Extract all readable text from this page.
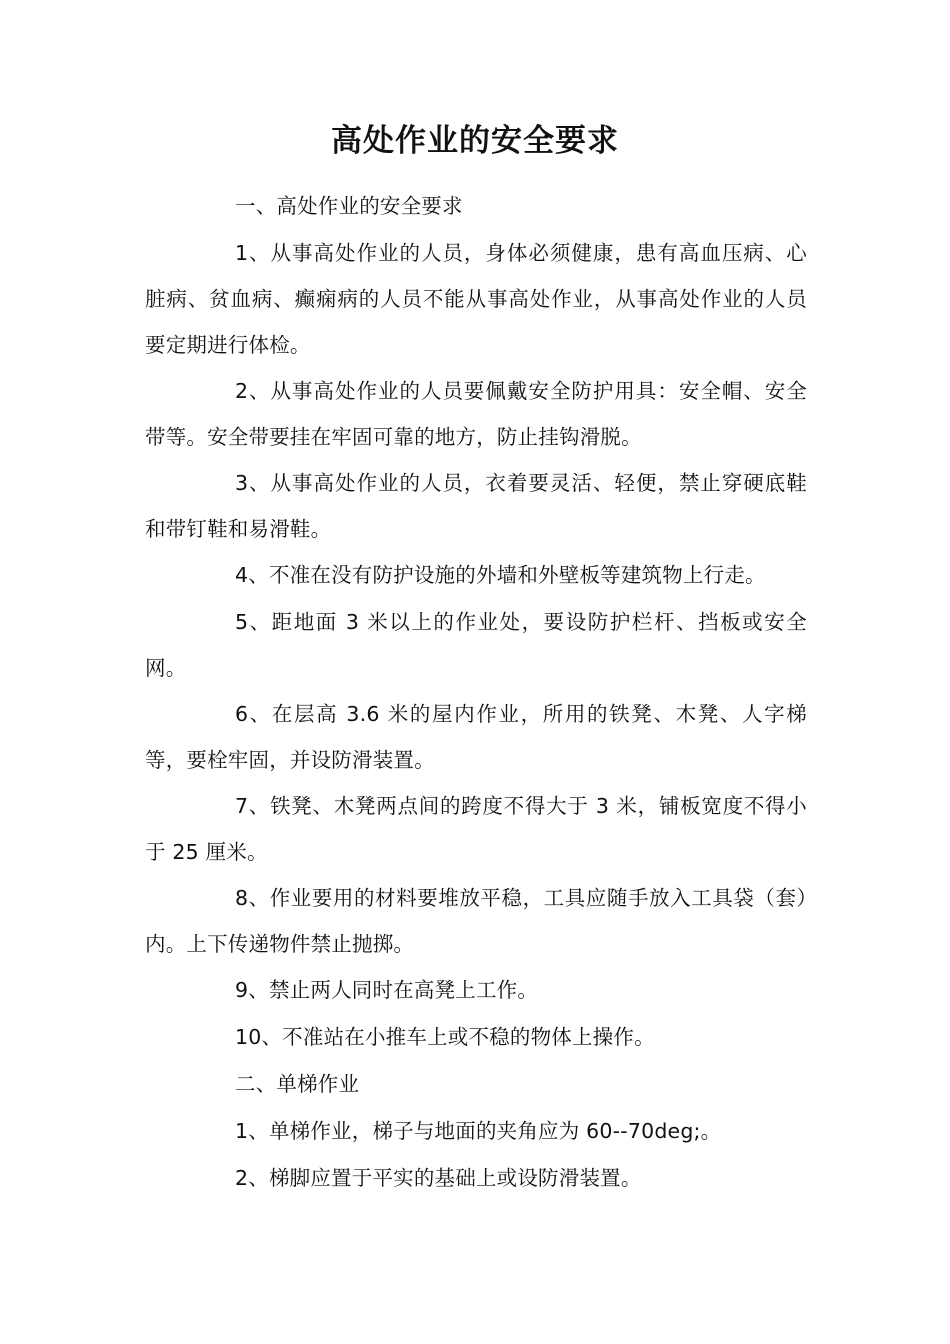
高处作业的安全要求

一、高处作业的安全要求

1、从事高处作业的人员，身体必须健康，患有高血压病、心脏病、贫血病、癫痫病的人员不能从事高处作业，从事高处作业的人员要定期进行体检。

2、从事高处作业的人员要佩戴安全防护用具：安全帽、安全带等。安全带要挂在牢固可靠的地方，防止挂钩滑脱。

3、从事高处作业的人员，衣着要灵活、轻便，禁止穿硬底鞋和带钉鞋和易滑鞋。

4、不准在没有防护设施的外墙和外壁板等建筑物上行走。

5、距地面 3 米以上的作业处，要设防护栏杆、挡板或安全网。

6、在层高 3.6 米的屋内作业，所用的铁凳、木凳、人字梯等，要栓牢固，并设防滑装置。

7、铁凳、木凳两点间的跨度不得大于 3 米，铺板宽度不得小于 25 厘米。

8、作业要用的材料要堆放平稳，工具应随手放入工具袋（套）内。上下传递物件禁止抛掷。

9、禁止两人同时在高凳上工作。

10、不准站在小推车上或不稳的物体上操作。

二、单梯作业

1、单梯作业，梯子与地面的夹角应为 60--70deg;。

2、梯脚应置于平实的基础上或设防滑装置。
